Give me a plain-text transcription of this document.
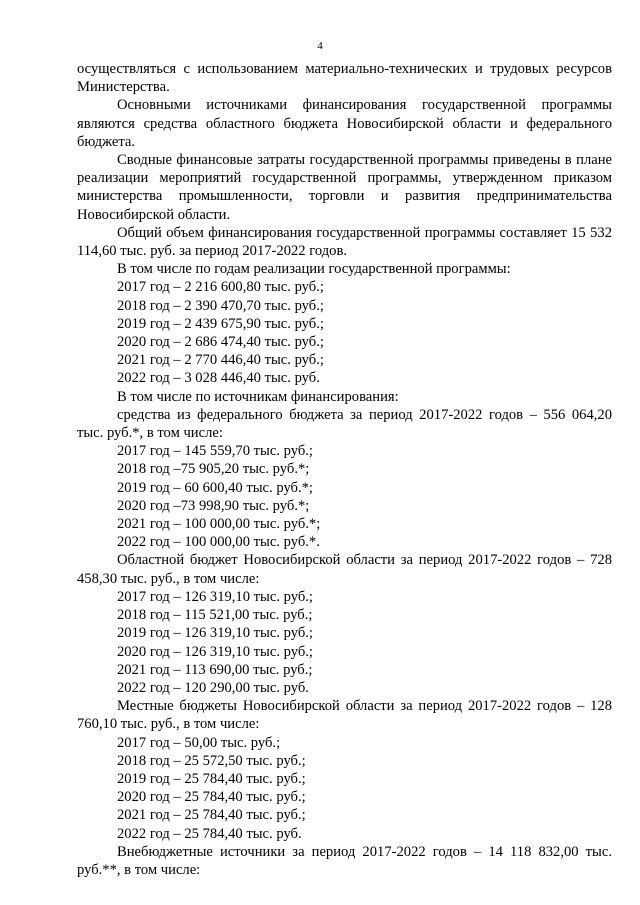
4
осуществляться с использованием материально-технических и трудовых ресурсов Министерства.
Основными источниками финансирования государственной программы являются средства областного бюджета Новосибирской области и федерального бюджета.
Сводные финансовые затраты государственной программы приведены в плане реализации мероприятий государственной программы, утвержденном приказом министерства промышленности, торговли и развития предпринимательства Новосибирской области.
Общий объем финансирования государственной программы составляет 15 532 114,60 тыс. руб. за период 2017-2022 годов.
В том числе по годам реализации государственной программы:
2017 год – 2 216 600,80 тыс. руб.;
2018 год – 2 390 470,70 тыс. руб.;
2019 год – 2 439 675,90 тыс. руб.;
2020 год – 2 686 474,40 тыс. руб.;
2021 год – 2 770 446,40 тыс. руб.;
2022 год – 3 028 446,40 тыс. руб.
В том числе по источникам финансирования:
средства из федерального бюджета за период 2017-2022 годов – 556 064,20 тыс. руб.*, в том числе:
2017 год – 145 559,70 тыс. руб.;
2018 год –75 905,20 тыс. руб.*;
2019 год – 60 600,40 тыс. руб.*;
2020 год –73 998,90 тыс. руб.*;
2021 год – 100 000,00 тыс. руб.*;
2022 год – 100 000,00 тыс. руб.*.
Областной бюджет Новосибирской области за период 2017-2022 годов – 728 458,30 тыс. руб., в том числе:
2017 год – 126 319,10 тыс. руб.;
2018 год – 115 521,00 тыс. руб.;
2019 год – 126 319,10 тыс. руб.;
2020 год – 126 319,10 тыс. руб.;
2021 год – 113 690,00 тыс. руб.;
2022 год – 120 290,00 тыс. руб.
Местные бюджеты Новосибирской области за период 2017-2022 годов – 128 760,10 тыс. руб., в том числе:
2017 год – 50,00 тыс. руб.;
2018 год – 25 572,50 тыс. руб.;
2019 год – 25 784,40 тыс. руб.;
2020 год – 25 784,40 тыс. руб.;
2021 год – 25 784,40 тыс. руб.;
2022 год – 25 784,40 тыс. руб.
Внебюджетные источники за период 2017-2022 годов – 14 118 832,00 тыс. руб.**, в том числе:
